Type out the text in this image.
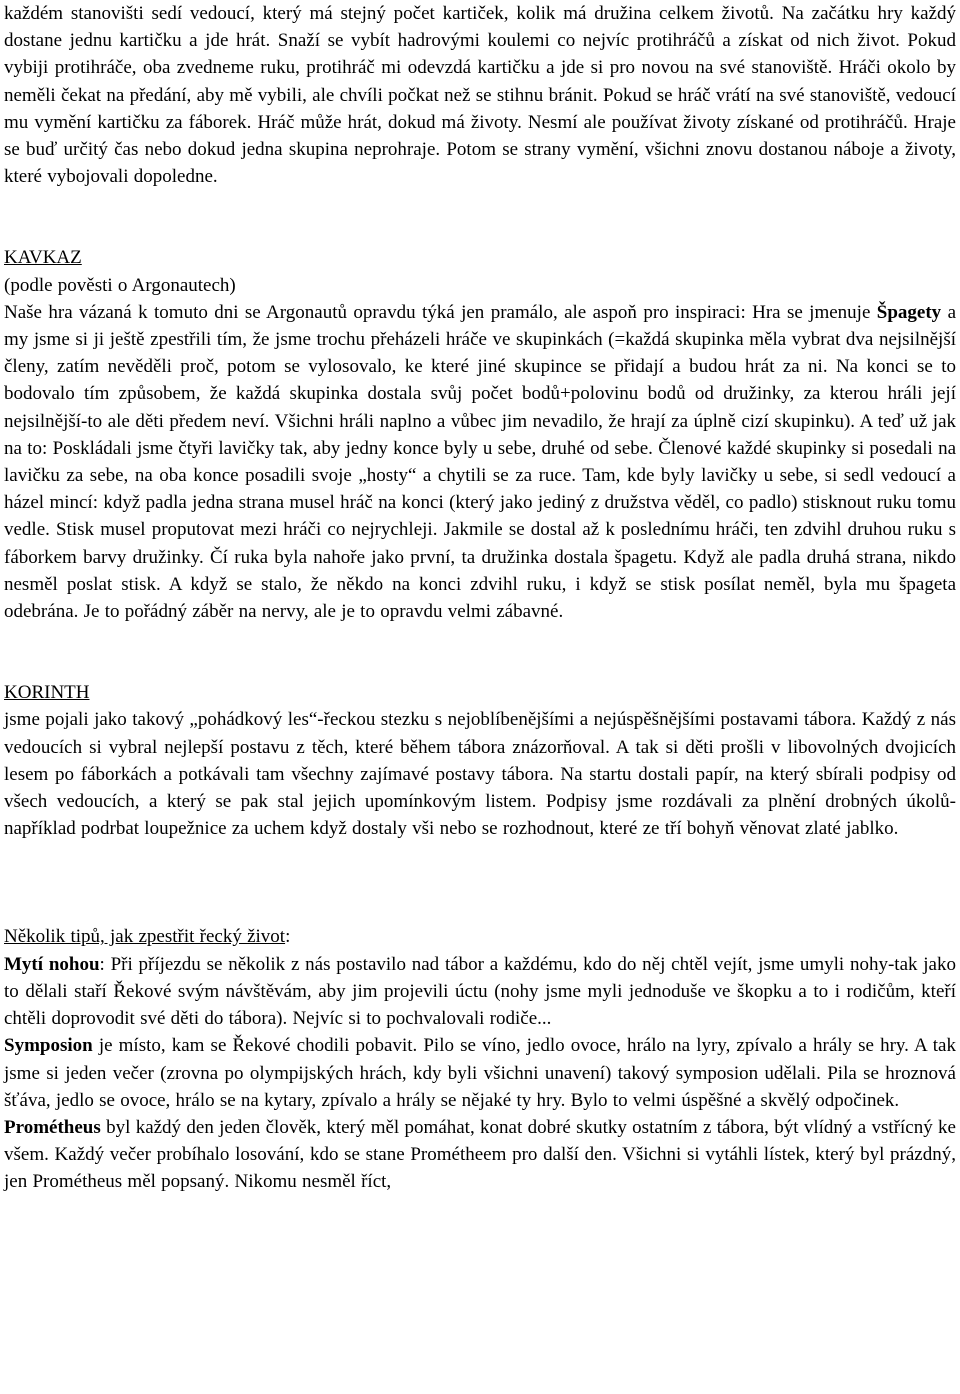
každém stanovišti sedí vedoucí, který má stejný počet kartiček, kolik má družina celkem životů. Na začátku hry každý dostane jednu kartičku a jde hrát. Snaží se vybít hadrovými koulemi co nejvíc protihráčů a získat od nich život. Pokud vybiji protihráče, oba zvedneme ruku, protihráč mi odevzdá kartičku a jde si pro novou na své stanoviště. Hráči okolo by neměli čekat na předání, aby mě vybili, ale chvíli počkat než se stihnu bránit. Pokud se hráč vrátí na své stanoviště, vedoucí mu vymění kartičku za fáborek. Hráč může hrát, dokud má životy. Nesmí ale používat životy získané od protihráčů. Hraje se buď určitý čas nebo dokud jedna skupina neprohraje. Potom se strany vymění, všichni znovu dostanou náboje a životy, které vybojovali dopoledne.

KAVKAZ

(podle pověsti o Argonautech)

Naše hra vázaná k tomuto dni se Argonautů opravdu týká jen pramálo, ale aspoň pro inspiraci: Hra se jmenuje Špagety a my jsme si ji ještě zpestřili tím, že jsme trochu přeházeli hráče ve skupinkách (=každá skupinka měla vybrat dva nejsilnější členy, zatím nevěděli proč, potom se vylosovalo, ke které jiné skupince se přidají a budou hrát za ni. Na konci se to bodovalo tím způsobem, že každá skupinka dostala svůj počet bodů+polovinu bodů od družinky, za kterou hráli její nejsilnější-to ale děti předem neví. Všichni hráli naplno a vůbec jim nevadilo, že hrají za úplně cizí skupinku). A teď už jak na to: Poskládali jsme čtyři lavičky tak, aby jedny konce byly u sebe, druhé od sebe. Členové každé skupinky si posedali na lavičku za sebe, na oba konce posadili svoje „hosty“ a chytili se za ruce. Tam, kde byly lavičky u sebe, si sedl vedoucí a házel mincí: když padla jedna strana musel hráč na konci (který jako jediný z družstva věděl, co padlo) stisknout ruku tomu vedle. Stisk musel proputovat mezi hráči co nejrychleji. Jakmile se dostal až k poslednímu hráči, ten zdvihl druhou ruku s fáborkem barvy družinky. Čí ruka byla nahoře jako první, ta družinka dostala špagetu. Když ale padla druhá strana, nikdo nesměl poslat stisk. A když se stalo, že někdo na konci zdvihl ruku, i když se stisk posílat neměl, byla mu špageta odebrána. Je to pořádný záběr na nervy, ale je to opravdu velmi zábavné.

KORINTH

jsme pojali jako takový „pohádkový les“-řeckou stezku s nejoblíbenějšími a nejúspěšnějšími postavami tábora. Každý z nás vedoucích si vybral nejlepší postavu z těch, které během tábora znázorňoval. A tak si děti prošli v libovolných dvojicích lesem po fáborkách a potkávali tam všechny zajímavé postavy tábora. Na startu dostali papír, na který sbírali podpisy od všech vedoucích, a který se pak stal jejich upomínkovým listem. Podpisy jsme rozdávali za plnění drobných úkolů-například podrbat loupežnice za uchem když dostaly vši nebo se rozhodnout, které ze tří bohyň věnovat zlaté jablko.

Několik tipů, jak zpestřit řecký život:

Mytí nohou: Při příjezdu se několik z nás postavilo nad tábor a každému, kdo do něj chtěl vejít, jsme umyli nohy-tak jako to dělali staří Řekové svým návštěvám, aby jim projevili úctu (nohy jsme myli jednoduše ve škopku a to i rodičům, kteří chtěli doprovodit své děti do tábora). Nejvíc si to pochvalovali rodiče...

Symposion je místo, kam se Řekové chodili pobavit. Pilo se víno, jedlo ovoce, hrálo na lyry, zpívalo a hrály se hry. A tak jsme si jeden večer (zrovna po olympijských hrách, kdy byli všichni unavení) takový symposion udělali. Pila se hroznová šťáva, jedlo se ovoce, hrálo se na kytary, zpívalo a hrály se nějaké ty hry. Bylo to velmi úspěšné a skvělý odpočinek.

Prométheus byl každý den jeden člověk, který měl pomáhat, konat dobré skutky ostatním z tábora, být vlídný a vstřícný ke všem. Každý večer probíhalo losování, kdo se stane Prométheem pro další den. Všichni si vytáhli lístek, který byl prázdný, jen Prométheus měl popsaný. Nikomu nesměl říct,
